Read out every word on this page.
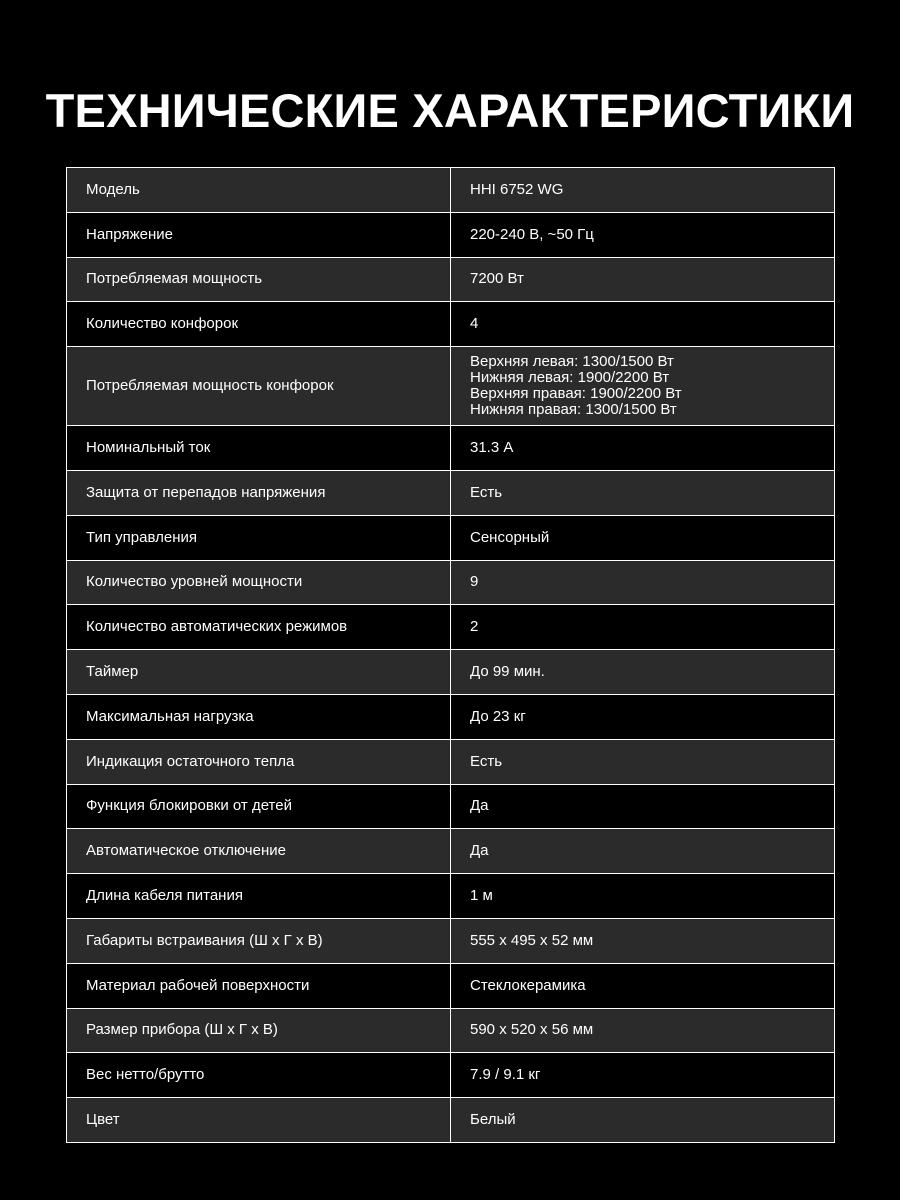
ТЕХНИЧЕСКИЕ ХАРАКТЕРИСТИКИ
Модель	HHI 6752 WG
Напряжение	220-240 В, ~50 Гц
Потребляемая мощность	7200 Вт
Количество конфорок	4
Потребляемая мощность конфорок	Верхняя левая: 1300/1500 Вт
Нижняя левая: 1900/2200 Вт
Верхняя правая: 1900/2200 Вт
Нижняя правая: 1300/1500 Вт

Номинальный ток	31.3 А
Защита от перепадов напряжения	Есть
Тип управления	Сенсорный
Количество уровней мощности	9
Количество автоматических режимов	2
Таймер	До 99 мин.
Максимальная нагрузка	До 23 кг
Индикация остаточного тепла	Есть
Функция блокировки от детей	Да
Автоматическое отключение	Да
Длина кабеля питания	1 м
Габариты встраивания (Ш х Г х В)	555 х 495 х 52 мм
Материал рабочей поверхности	Стеклокерамика
Размер прибора (Ш х Г х В)	590 х 520 х 56 мм
Вес нетто/брутто	7.9 / 9.1 кг
Цвет	Белый
